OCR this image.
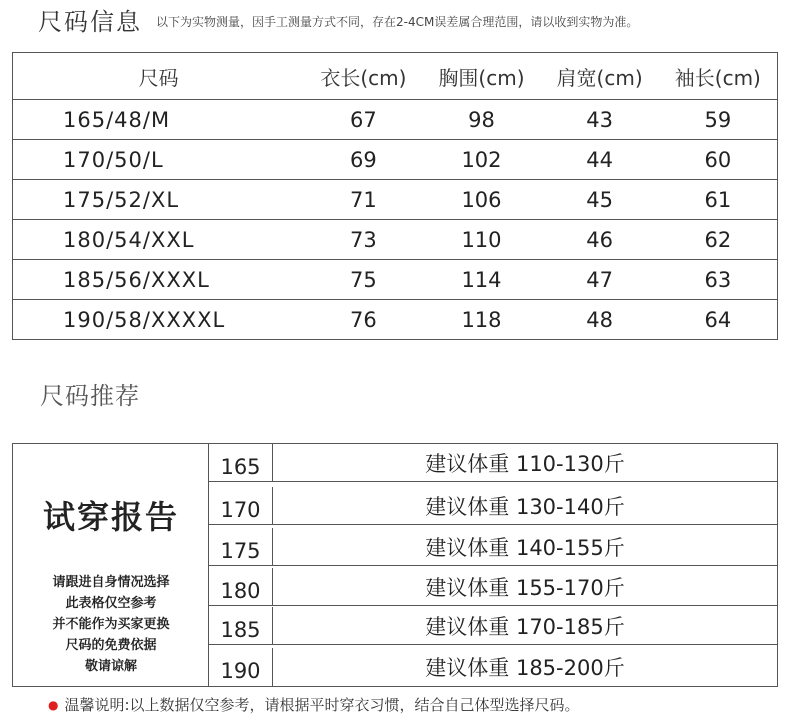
尺码信息 以下为实物测量，因手工测量方式不同，存在2-4CM误差属合理范围，请以收到实物为准。
尺码	衣长(cm)	胸围(cm)	肩宽(cm)	袖长(cm)
165/48/M	67	98	43	59
170/50/L	69	102	44	60
175/52/XL	71	106	45	61
180/54/XXL	73	110	46	62
185/56/XXXL	75	114	47	63
190/58/XXXXL	76	118	48	64
尺码推荐
试穿报告
请跟进自身情况选择
此表格仅空参考
并不能作为买家更换
尺码的免费依据
敬请谅解
165	建议体重 110-130斤
170	建议体重 130-140斤
175	建议体重 140-155斤
180	建议体重 155-170斤
185	建议体重 170-185斤
190	建议体重 185-200斤
● 温馨说明:以上数据仅空参考，请根据平时穿衣习惯，结合自己体型选择尺码。
